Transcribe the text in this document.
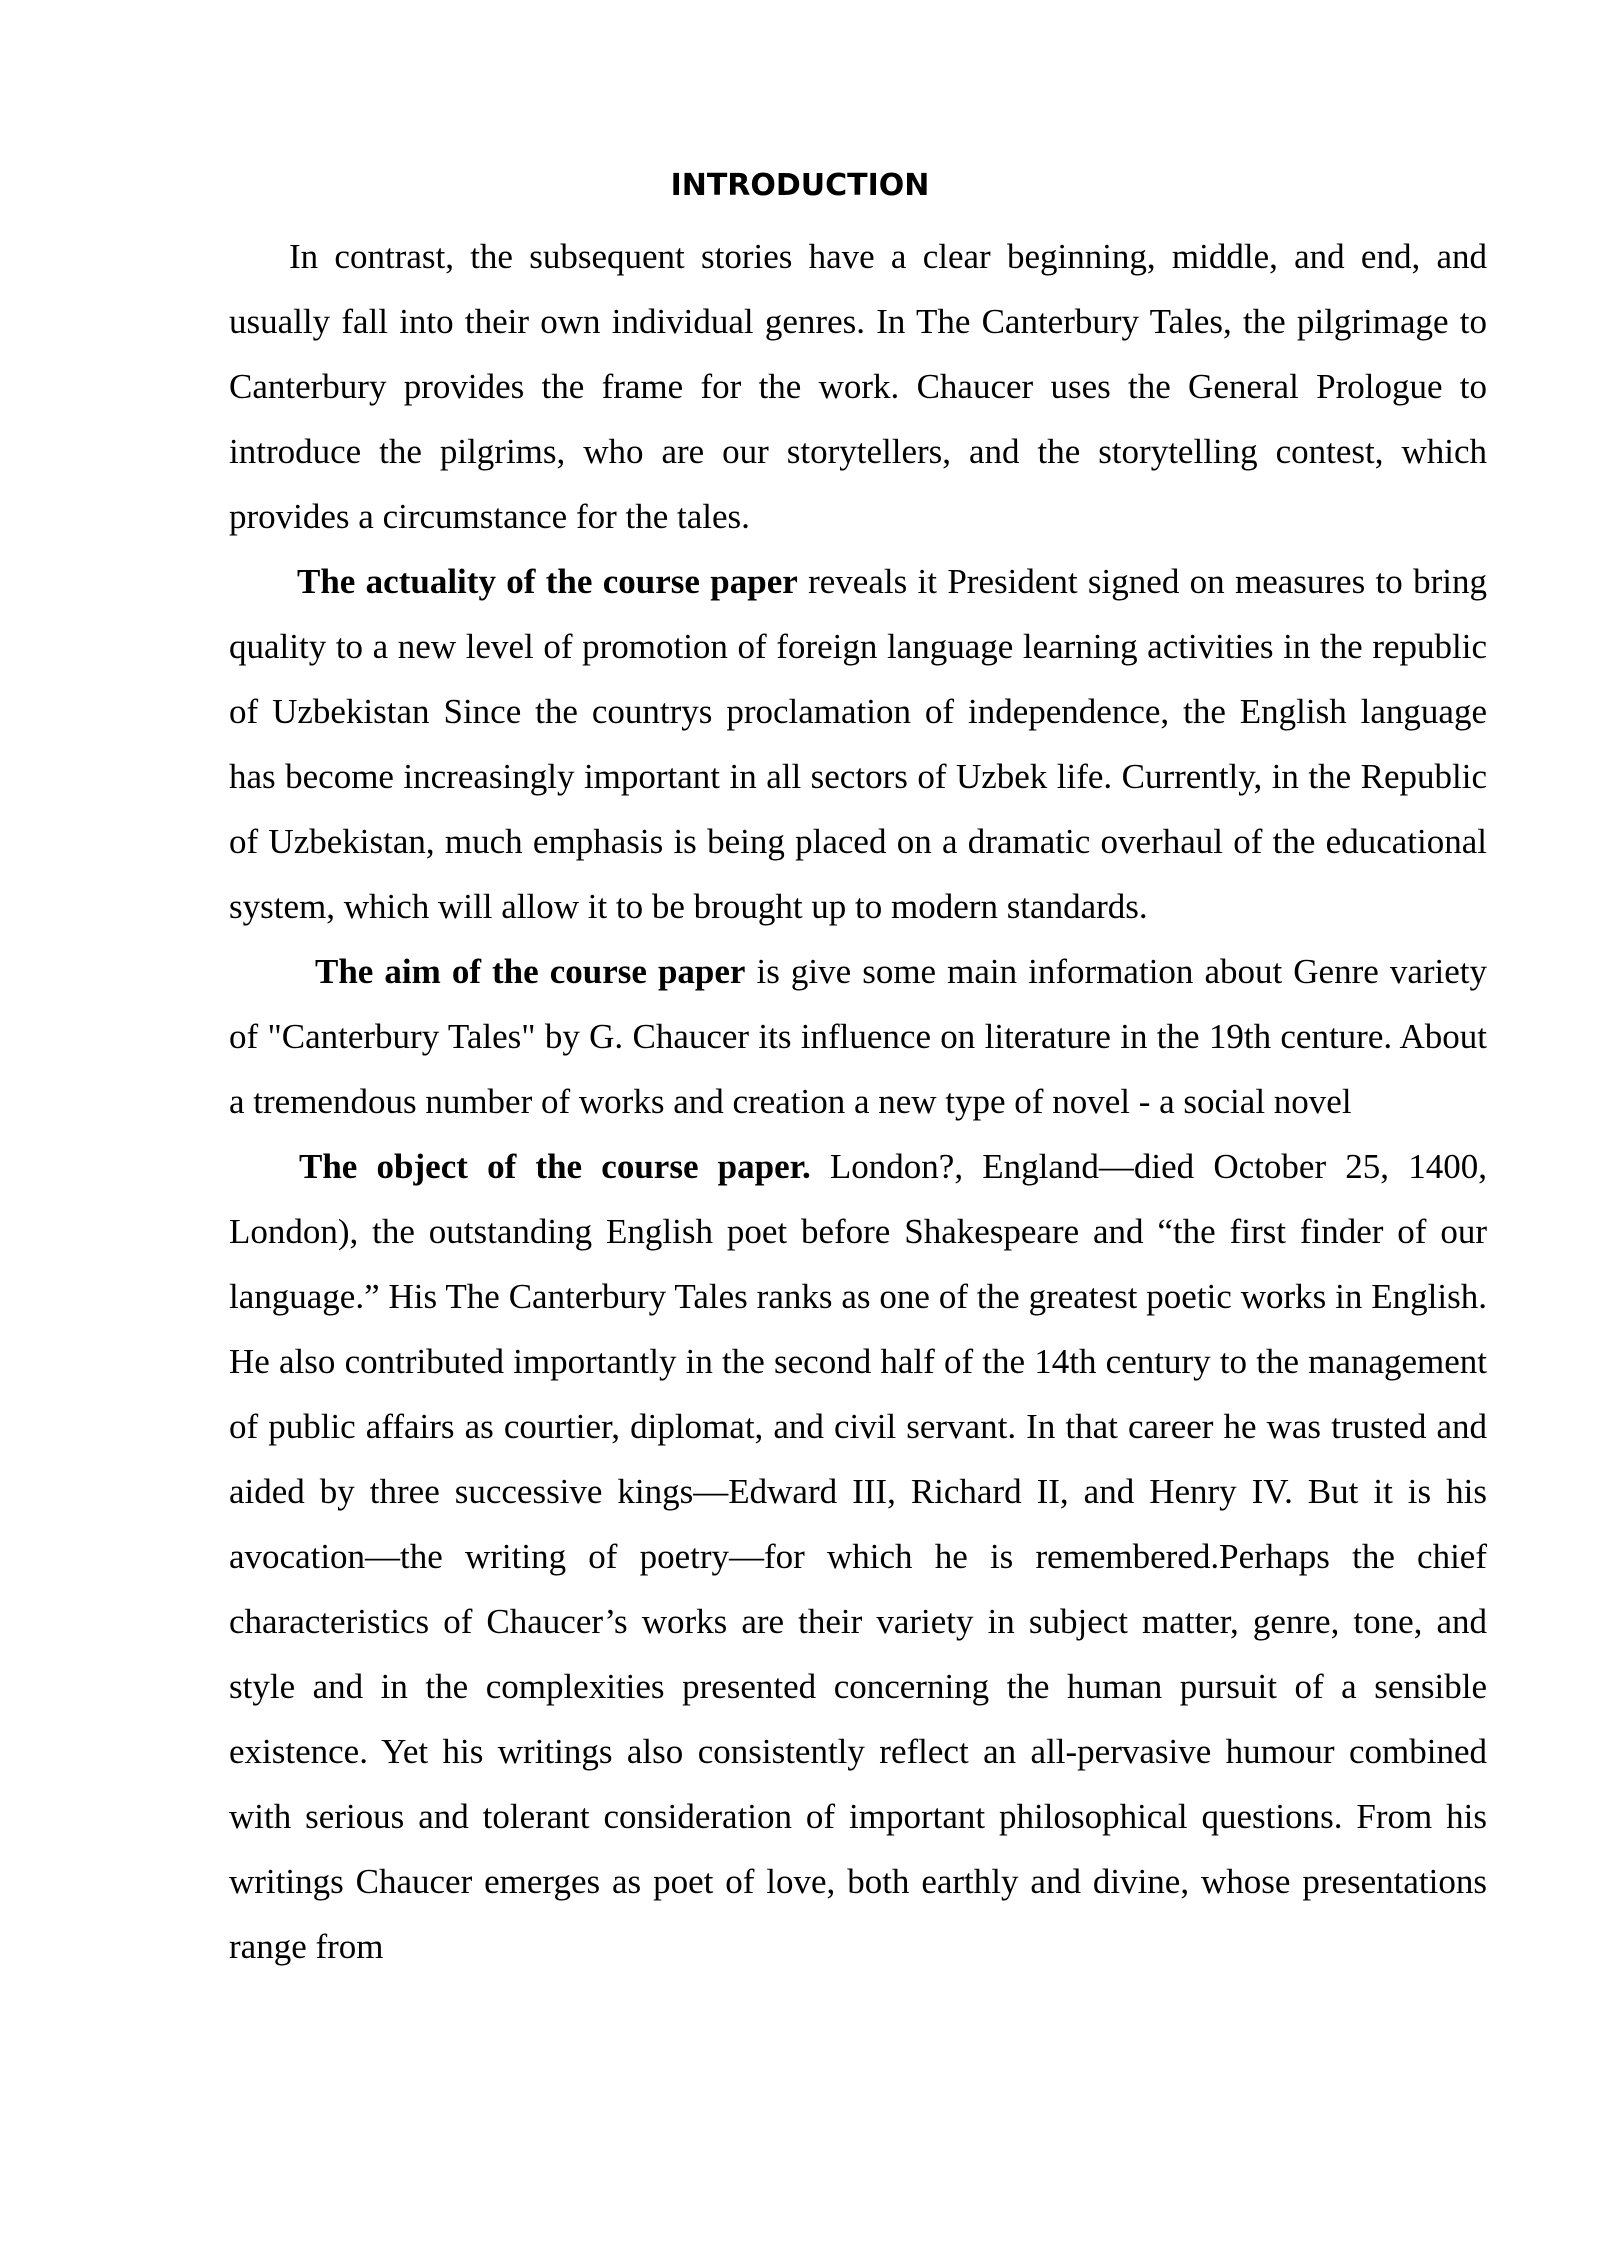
INTRODUCTION

In contrast, the subsequent stories have a clear beginning, middle, and end, and usually fall into their own individual genres. In The Canterbury Tales, the pilgrimage to Canterbury provides the frame for the work. Chaucer uses the General Prologue to introduce the pilgrims, who are our storytellers, and the storytelling contest, which provides a circumstance for the tales.

The actuality of the course paper reveals it President signed on measures to bring quality to a new level of promotion of foreign language learning activities in the republic of Uzbekistan Since the countrys proclamation of independence, the English language has become increasingly important in all sectors of Uzbek life. Currently, in the Republic of Uzbekistan, much emphasis is being placed on a dramatic overhaul of the educational system, which will allow it to be brought up to modern standards.

The aim of the course paper is give some main information about Genre variety of "Canterbury Tales" by G. Chaucer its influence on literature in the 19th centure. About a tremendous number of works and creation a new type of novel - a social novel

The object of the course paper. London?, England—died October 25, 1400, London), the outstanding English poet before Shakespeare and “the first finder of our language.” His The Canterbury Tales ranks as one of the greatest poetic works in English. He also contributed importantly in the second half of the 14th century to the management of public affairs as courtier, diplomat, and civil servant. In that career he was trusted and aided by three successive kings—Edward III, Richard II, and Henry IV. But it is his avocation—the writing of poetry—for which he is remembered.Perhaps the chief characteristics of Chaucer’s works are their variety in subject matter, genre, tone, and style and in the complexities presented concerning the human pursuit of a sensible existence. Yet his writings also consistently reflect an all-pervasive humour combined with serious and tolerant consideration of important philosophical questions. From his writings Chaucer emerges as poet of love, both earthly and divine, whose presentations range from
